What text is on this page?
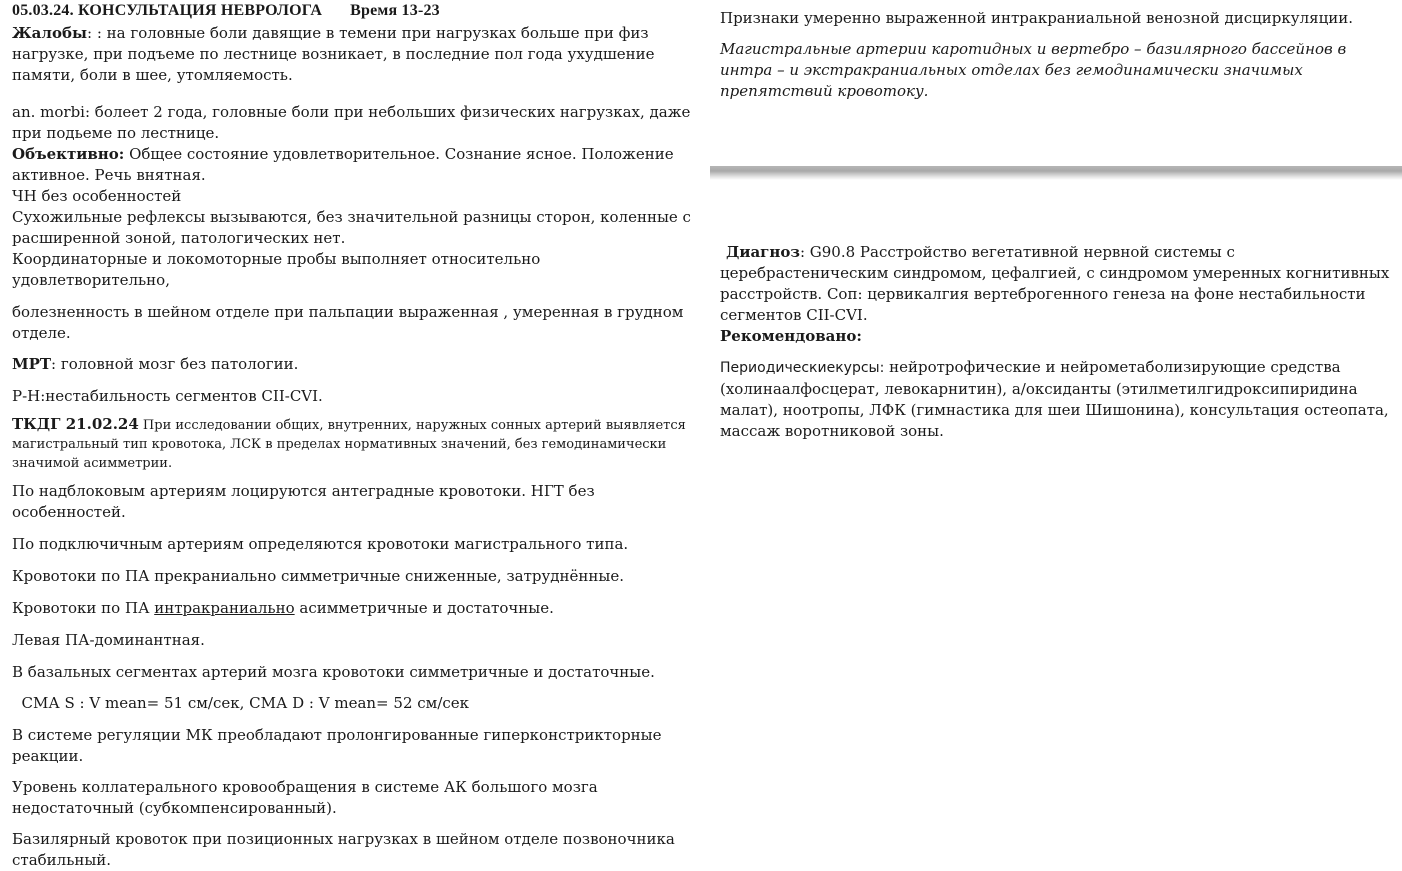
05.03.24. КОНСУЛЬТАЦИЯ НЕВРОЛОГА Время 13-23

Жалобы: : на головные боли давящие в темени при нагрузках больше при физ нагрузке, при подъеме по лестнице возникает, в последние пол года ухудшение памяти, боли в шее, утомляемость.

an. morbi: болеет 2 года, головные боли при небольших физических нагрузках, даже при подьеме по лестнице.

Объективно: Общее состояние удовлетворительное. Сознание ясное. Положение активное. Речь внятная.

ЧН без особенностей

Сухожильные рефлексы вызываются, без значительной разницы сторон, коленные с расширенной зоной, патологических нет.

Координаторные и локомоторные пробы выполняет относительно удовлетворительно,

болезненность в шейном отделе при пальпации выраженная , умеренная в грудном отделе.

МРТ: головной мозг без патологии.

Р-Н:нестабильность сегментов СII-CVI.

ТКДГ 21.02.24 При исследовании общих, внутренних, наружных сонных артерий выявляется магистральный тип кровотока, ЛСК в пределах нормативных значений, без гемодинамически значимой асимметрии.

По надблоковым артериям лоцируются антеградные кровотоки. НГТ без особенностей.

По подключичным артериям определяются кровотоки магистрального типа.

Кровотоки по ПА прекраниально симметричные сниженные, затруднённые.

Кровотоки по ПА интракраниально асимметричные и достаточные.

Левая ПА-доминантная.

В базальных сегментах артерий мозга кровотоки симметричные и достаточные.

СМА S : V mean= 51 см/сек, СМА D : V mean= 52 см/сек

В системе регуляции МК преобладают пролонгированные гиперконстрикторные реакции.

Уровень коллатерального кровообращения в системе АК большого мозга недостаточный (субкомпенсированный).

Базилярный кровоток при позиционных нагрузках в шейном отделе позвоночника стабильный.

Признаки умеренно выраженной интракраниальной венозной дисциркуляции.

Магистральные артерии каротидных и вертебро – базилярного бассейнов в интра – и экстракраниальных отделах без гемодинамически значимых препятствий кровотоку.

Диагноз: G90.8 Расстройство вегетативной нервной системы с церебрастеническим синдромом, цефалгией, с синдромом умеренных когнитивных расстройств. Соп: цервикалгия вертеброгенного генеза на фоне нестабильности сегментов СII-CVI.

Рекомендовано:

Периодическиекурсы: нейротрофические и нейрометаболизирующие средства (холинаалфосцерат, левокарнитин), а/оксиданты (этилметилгидроксипиридина малат), ноотропы, ЛФК (гимнастика для шеи Шишонина), консультация остеопата, массаж воротниковой зоны.
